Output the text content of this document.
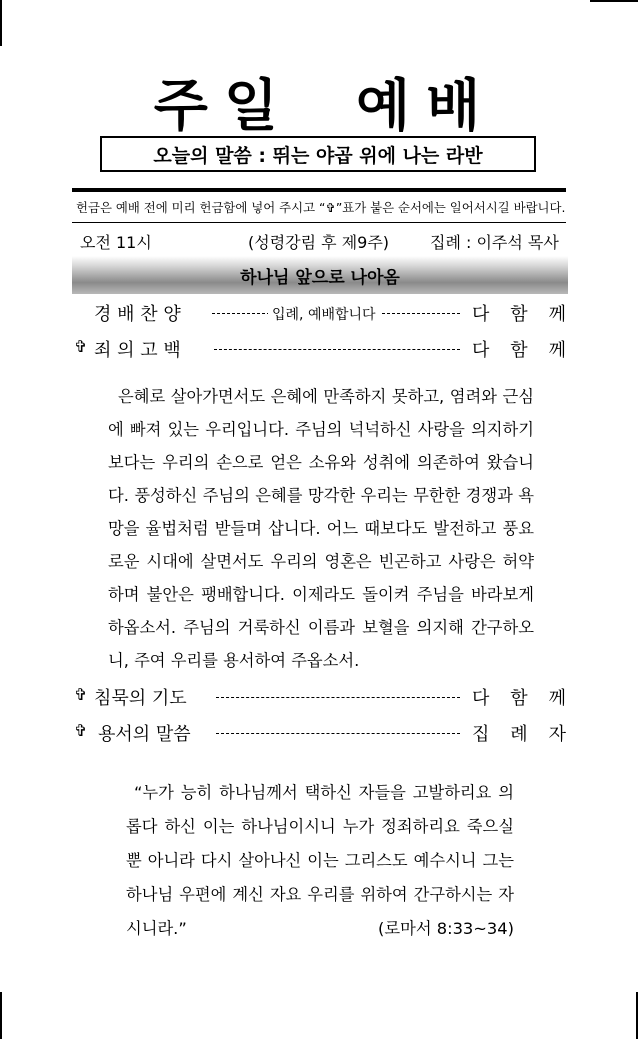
주 일 예 배
오늘의 말씀 : 뛰는 야곱 위에 나는 라반
헌금은 예배 전에 미리 헌금함에 넣어 주시고 “✞”표가 붙은 순서에는 일어서시길 바랍니다.
오전 11시	(성령강림 후 제9주)	집례 : 이주석 목사
하나님 앞으로 나아옴
경 배 찬 양	입례, 예배합니다	다 함 께
✞ 죄 의 고 백	다 함 께

은혜로 살아가면서도 은혜에 만족하지 못하고, 염려와 근심에 빠져 있는 우리입니다. 주님의 넉넉하신 사랑을 의지하기보다는 우리의 손으로 얻은 소유와 성취에 의존하여 왔습니다. 풍성하신 주님의 은혜를 망각한 우리는 무한한 경쟁과 욕망을 율법처럼 받들며 삽니다. 어느 때보다도 발전하고 풍요로운 시대에 살면서도 우리의 영혼은 빈곤하고 사랑은 허약하며 불안은 팽배합니다. 이제라도 돌이켜 주님을 바라보게 하옵소서. 주님의 거룩하신 이름과 보혈을 의지해 간구하오니, 주여 우리를 용서하여 주옵소서.

✞ 침묵의 기도	다 함 께
✞ 용서의 말씀	집 례 자

“누가 능히 하나님께서 택하신 자들을 고발하리요 의롭다 하신 이는 하나님이시니 누가 정죄하리요 죽으실 뿐 아니라 다시 살아나신 이는 그리스도 예수시니 그는 하나님 우편에 계신 자요 우리를 위하여 간구하시는 자시니라.”	(로마서 8:33~34)
